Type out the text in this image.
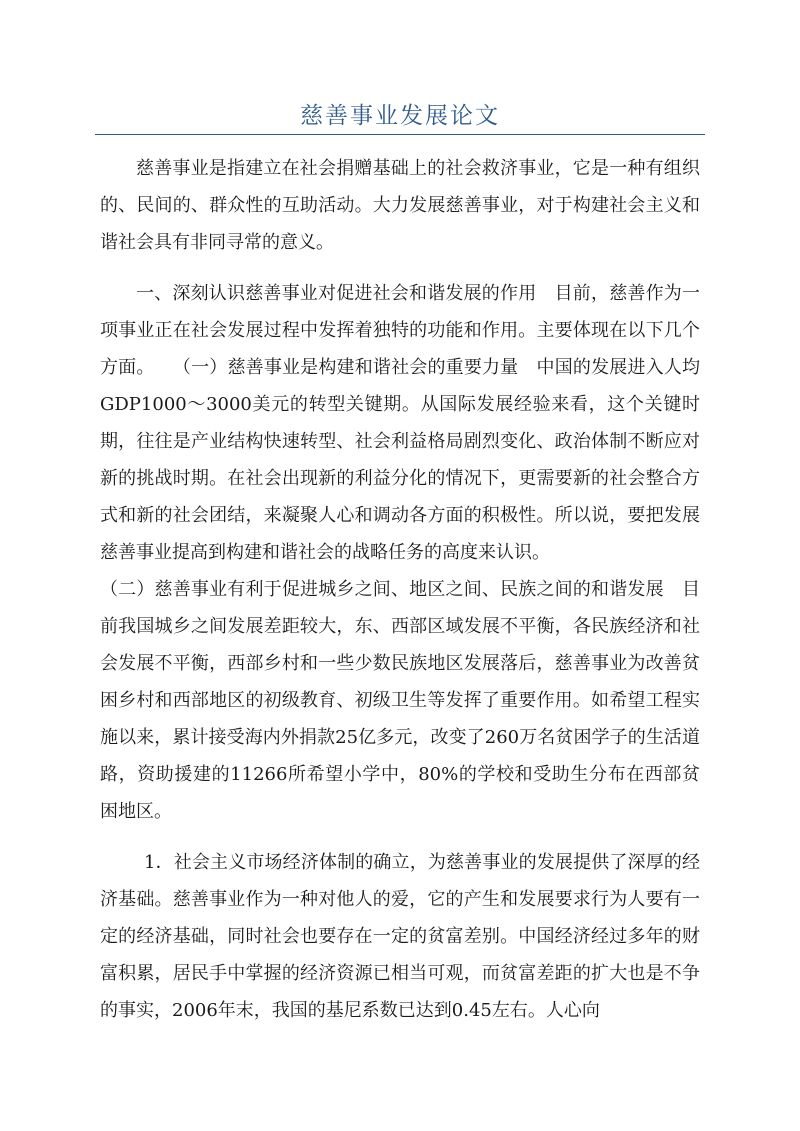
慈善事业发展论文

慈善事业是指建立在社会捐赠基础上的社会救济事业，它是一种有组织的、民间的、群众性的互助活动。大力发展慈善事业，对于构建社会主义和谐社会具有非同寻常的意义。

一、深刻认识慈善事业对促进社会和谐发展的作用　目前，慈善作为一项事业正在社会发展过程中发挥着独特的功能和作用。主要体现在以下几个方面。　　（一）慈善事业是构建和谐社会的重要力量　中国的发展进入人均GDP1000～3000美元的转型关键期。从国际发展经验来看，这个关键时期，往往是产业结构快速转型、社会利益格局剧烈变化、政治体制不断应对新的挑战时期。在社会出现新的利益分化的情况下，更需要新的社会整合方式和新的社会团结，来凝聚人心和调动各方面的积极性。所以说，要把发展慈善事业提高到构建和谐社会的战略任务的高度来认识。

（二）慈善事业有利于促进城乡之间、地区之间、民族之间的和谐发展　目前我国城乡之间发展差距较大，东、西部区域发展不平衡，各民族经济和社会发展不平衡，西部乡村和一些少数民族地区发展落后，慈善事业为改善贫困乡村和西部地区的初级教育、初级卫生等发挥了重要作用。如希望工程实施以来，累计接受海内外捐款25亿多元，改变了260万名贫困学子的生活道路，资助援建的11266所希望小学中，80%的学校和受助生分布在西部贫困地区。

1．社会主义市场经济体制的确立，为慈善事业的发展提供了深厚的经济基础。慈善事业作为一种对他人的爱，它的产生和发展要求行为人要有一定的经济基础，同时社会也要存在一定的贫富差别。中国经济经过多年的财富积累，居民手中掌握的经济资源已相当可观，而贫富差距的扩大也是不争的事实，2006年末，我国的基尼系数已达到0.45左右。人心向
